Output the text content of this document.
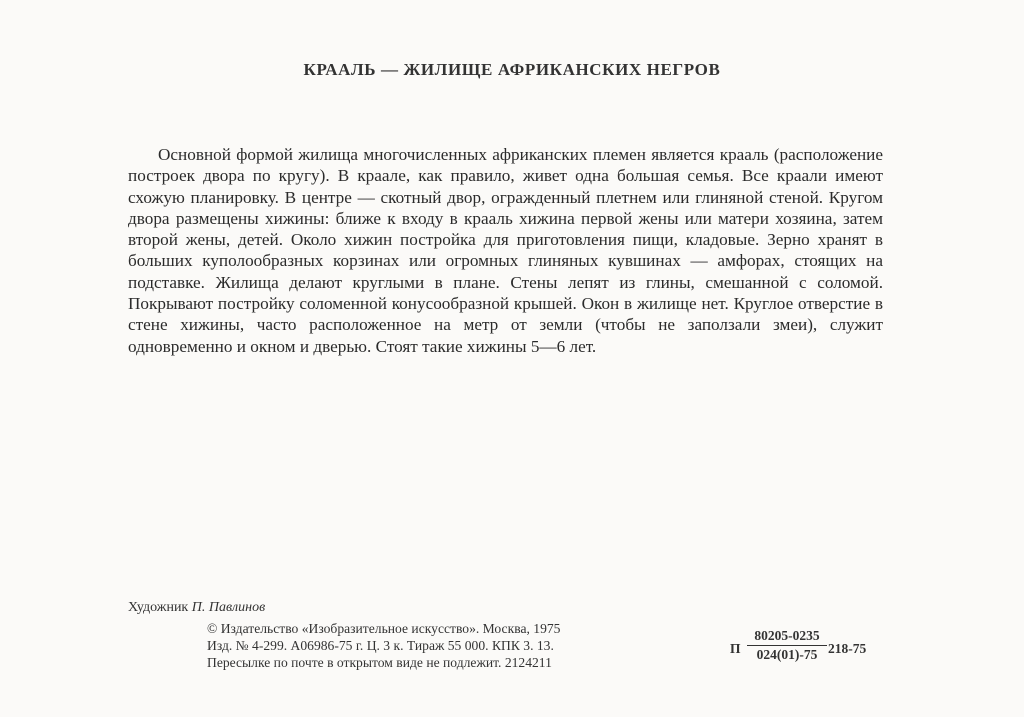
КРААЛЬ — ЖИЛИЩЕ АФРИКАНСКИХ НЕГРОВ

Основной формой жилища многочисленных африканских племен является крааль (расположение построек двора по кругу). В краале, как правило, живет одна большая семья. Все краали имеют схожую планировку. В центре — скотный двор, огражденный плетнем или глиняной стеной. Кругом двора размещены хижины: ближе к входу в крааль хижина первой жены или матери хозяина, затем второй жены, детей. Около хижин постройка для приготовления пищи, кладовые. Зерно хранят в больших куполообразных корзинах или огромных глиняных кувшинах — амфорах, стоящих на подставке. Жилища делают круглыми в плане. Стены лепят из глины, смешанной с соломой. Покрывают постройку соломенной конусообразной крышей. Окон в жилище нет. Круглое отверстие в стене хижины, часто расположенное на метр от земли (чтобы не заползали змеи), служит одновременно и окном и дверью. Стоят такие хижины 5—6 лет.

Художник П. Павлинов
© Издательство «Изобразительное искусство». Москва, 1975
Изд. № 4-299. А06986-75 г. Ц. 3 к. Тираж 55 000. КПК 3. 13.
Пересылке по почте в открытом виде не подлежит. 2124211
П $\frac{80205-0235}{024(01)-75} 218-75$
